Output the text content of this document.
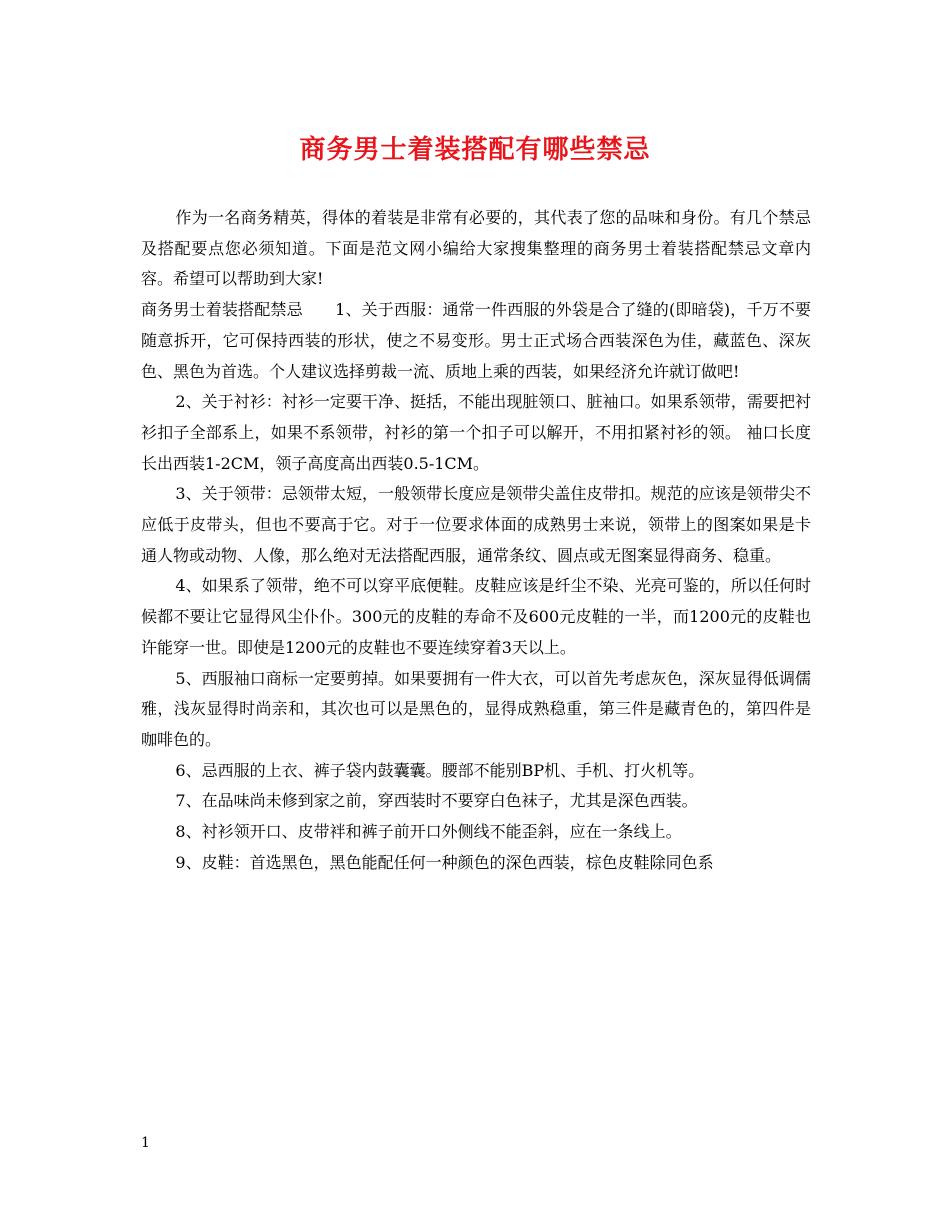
商务男士着装搭配有哪些禁忌

作为一名商务精英，得体的着装是非常有必要的，其代表了您的品味和身份。有几个禁忌及搭配要点您必须知道。下面是范文网小编给大家搜集整理的商务男士着装搭配禁忌文章内容。希望可以帮助到大家!

商务男士着装搭配禁忌　　1、关于西服：通常一件西服的外袋是合了缝的(即暗袋)，千万不要随意拆开，它可保持西装的形状，使之不易变形。男士正式场合西装深色为佳，藏蓝色、深灰色、黑色为首选。个人建议选择剪裁一流、质地上乘的西装，如果经济允许就订做吧!

2、关于衬衫：衬衫一定要干净、挺括，不能出现脏领口、脏袖口。如果系领带，需要把衬衫扣子全部系上，如果不系领带，衬衫的第一个扣子可以解开，不用扣紧衬衫的领。 袖口长度长出西装1-2CM，领子高度高出西装0.5-1CM。

3、关于领带：忌领带太短，一般领带长度应是领带尖盖住皮带扣。规范的应该是领带尖不应低于皮带头，但也不要高于它。对于一位要求体面的成熟男士来说，领带上的图案如果是卡通人物或动物、人像，那么绝对无法搭配西服，通常条纹、圆点或无图案显得商务、稳重。

4、如果系了领带，绝不可以穿平底便鞋。皮鞋应该是纤尘不染、光亮可鉴的，所以任何时候都不要让它显得风尘仆仆。300元的皮鞋的寿命不及600元皮鞋的一半，而1200元的皮鞋也许能穿一世。即使是1200元的皮鞋也不要连续穿着3天以上。

5、西服袖口商标一定要剪掉。如果要拥有一件大衣，可以首先考虑灰色，深灰显得低调儒雅，浅灰显得时尚亲和，其次也可以是黑色的，显得成熟稳重，第三件是藏青色的，第四件是咖啡色的。

6、忌西服的上衣、裤子袋内鼓囊囊。腰部不能别BP机、手机、打火机等。

7、在品味尚未修到家之前，穿西装时不要穿白色袜子，尤其是深色西装。

8、衬衫领开口、皮带袢和裤子前开口外侧线不能歪斜，应在一条线上。

9、皮鞋：首选黑色，黑色能配任何一种颜色的深色西装，棕色皮鞋除同色系

1
